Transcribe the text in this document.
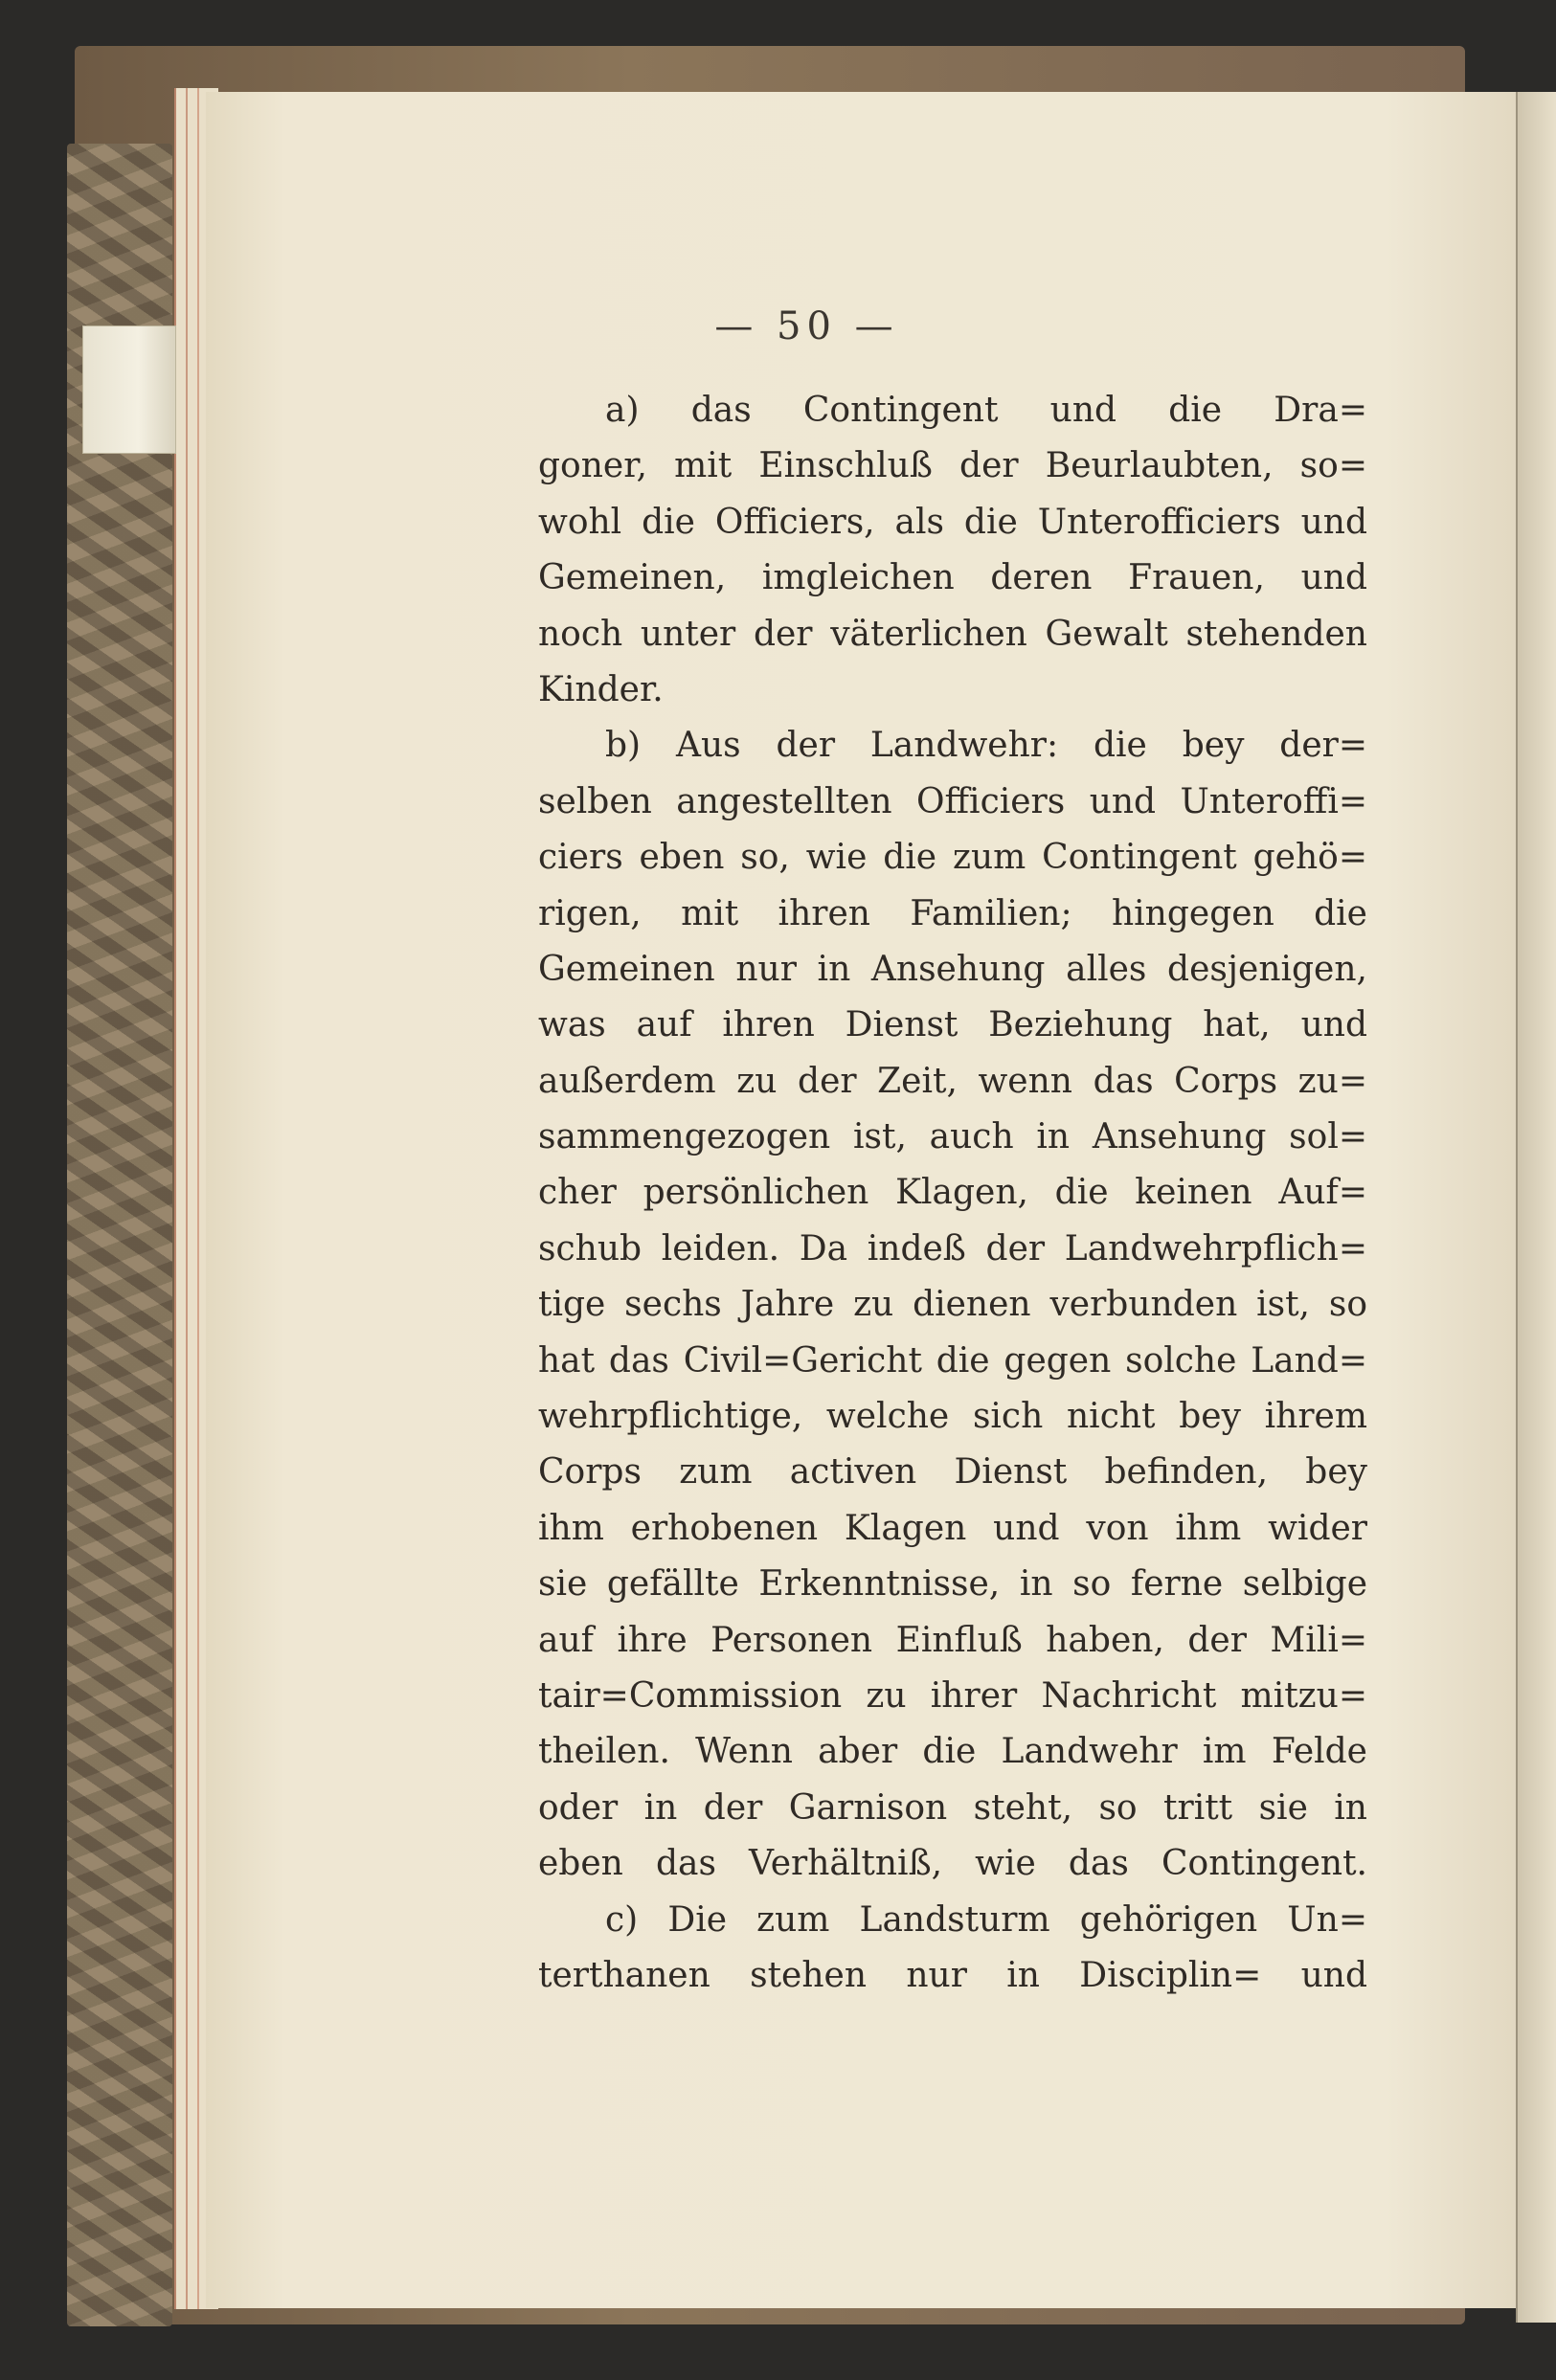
— 50 —
a) das Contingent und die Dra=
goner, mit Einschluß der Beurlaubten, so=
wohl die Officiers, als die Unterofficiers und
Gemeinen, imgleichen deren Frauen, und
noch unter der väterlichen Gewalt stehenden
Kinder.
b) Aus der Landwehr: die bey der=
selben angestellten Officiers und Unteroffi=
ciers eben so, wie die zum Contingent gehö=
rigen, mit ihren Familien; hingegen die
Gemeinen nur in Ansehung alles desjenigen,
was auf ihren Dienst Beziehung hat, und
außerdem zu der Zeit, wenn das Corps zu=
sammengezogen ist, auch in Ansehung sol=
cher persönlichen Klagen, die keinen Auf=
schub leiden. Da indeß der Landwehrpflich=
tige sechs Jahre zu dienen verbunden ist, so
hat das Civil=Gericht die gegen solche Land=
wehrpflichtige, welche sich nicht bey ihrem
Corps zum activen Dienst befinden, bey
ihm erhobenen Klagen und von ihm wider
sie gefällte Erkenntnisse, in so ferne selbige
auf ihre Personen Einfluß haben, der Mili=
tair=Commission zu ihrer Nachricht mitzu=
theilen. Wenn aber die Landwehr im Felde
oder in der Garnison steht, so tritt sie in
eben das Verhältniß, wie das Contingent.
c) Die zum Landsturm gehörigen Un=
terthanen stehen nur in Disciplin= und
